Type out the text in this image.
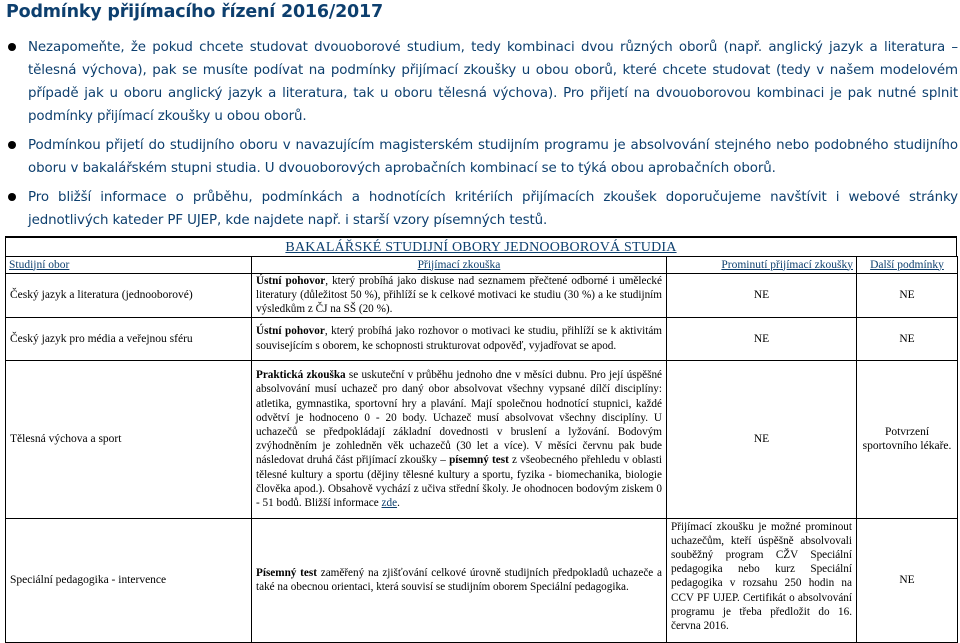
Podmínky přijímacího řízení 2016/2017
Nezapomeňte, že pokud chcete studovat dvouoborové studium, tedy kombinaci dvou různých oborů (např. anglický jazyk a literatura – tělesná výchova), pak se musíte podívat na podmínky přijímací zkoušky u obou oborů, které chcete studovat (tedy v našem modelovém případě jak u oboru anglický jazyk a literatura, tak u oboru tělesná výchova). Pro přijetí na dvouoborovou kombinaci je pak nutné splnit podmínky přijímací zkoušky u obou oborů.
Podmínkou přijetí do studijního oboru v navazujícím magisterském studijním programu je absolvování stejného nebo podobného studijního oboru v bakalářském stupni studia. U dvouoborových aprobačních kombinací se to týká obou aprobačních oborů.
Pro bližší informace o průběhu, podmínkách a hodnotících kritériích přijímacích zkoušek doporučujeme navštívit i webové stránky jednotlivých kateder PF UJEP, kde najdete např. i starší vzory písemných testů.
BAKALÁŘSKÉ STUDIJNÍ OBORY JEDNOOBOROVÁ STUDIA
Studijní obor	Přijímací zkouška	Prominutí přijímací zkoušky	Další podmínky
Český jazyk a literatura (jednooborové)	Ústní pohovor, který probíhá jako diskuse nad seznamem přečtené odborné i umělecké literatury (důležitost 50 %), přihlíží se k celkové motivaci ke studiu (30 %) a ke studijním výsledkům z ČJ na SŠ (20 %).	NE	NE
Český jazyk pro média a veřejnou sféru	Ústní pohovor, který probíhá jako rozhovor o motivaci ke studiu, přihlíží se k aktivitám souvisejícím s oborem, ke schopnosti strukturovat odpověď, vyjadřovat se apod.	NE	NE
Tělesná výchova a sport	Praktická zkouška se uskuteční v průběhu jednoho dne v měsíci dubnu. Pro její úspěšné absolvování musí uchazeč pro daný obor absolvovat všechny vypsané dílčí disciplíny: atletika, gymnastika, sportovní hry a plavání. Mají společnou hodnotící stupnici, každé odvětví je hodnoceno 0 - 20 body. Uchazeč musí absolvovat všechny disciplíny. U uchazečů se předpokládají základní dovednosti v bruslení a lyžování. Bodovým zvýhodněním je zohledněn věk uchazečů (30 let a více). V měsíci červnu pak bude následovat druhá část přijímací zkoušky – písemný test z všeobecného přehledu v oblasti tělesné kultury a sportu (dějiny tělesné kultury a sportu, fyzika - biomechanika, biologie člověka apod.). Obsahově vychází z učiva střední školy. Je ohodnocen bodovým ziskem 0 - 51 bodů. Bližší informace zde.	NE	Potvrzení sportovního lékaře.
Speciální pedagogika - intervence	Písemný test zaměřený na zjišťování celkové úrovně studijních předpokladů uchazeče a také na obecnou orientaci, která souvisí se studijním oborem Speciální pedagogika.	Přijímací zkoušku je možné prominout uchazečům, kteří úspěšně absolvovali souběžný program CŽV Speciální pedagogika nebo kurz Speciální pedagogika v rozsahu 250 hodin na CCV PF UJEP. Certifikát o absolvování programu je třeba předložit do 16. června 2016.	NE
